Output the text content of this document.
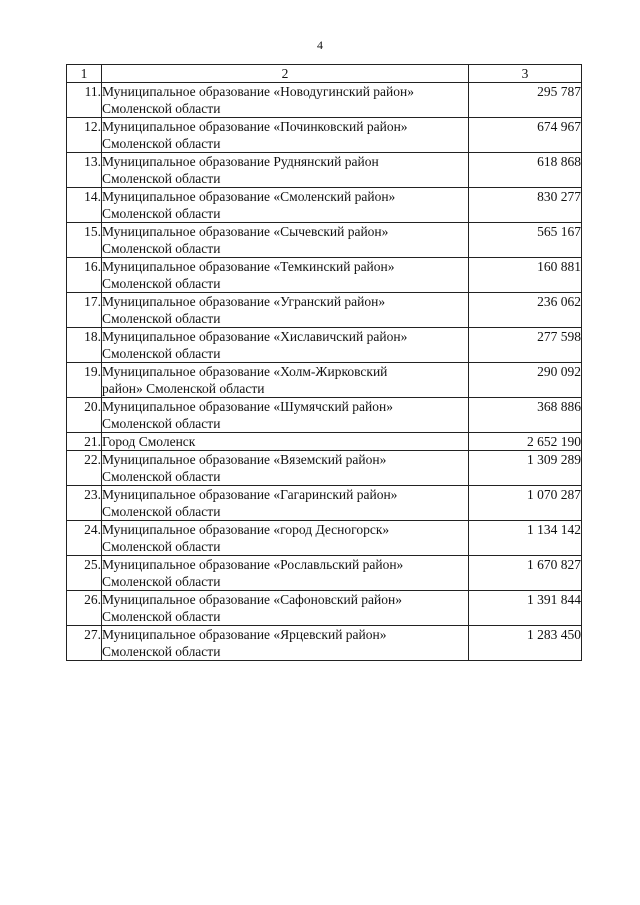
4
1	2	3
11.	Муниципальное образование «Новодугинский район»
Смоленской области	295 787
12.	Муниципальное образование «Починковский район»
Смоленской области	674 967
13.	Муниципальное образование Руднянский район
Смоленской области	618 868
14.	Муниципальное образование «Смоленский район»
Смоленской области	830 277
15.	Муниципальное образование «Сычевский район»
Смоленской области	565 167
16.	Муниципальное образование «Темкинский район»
Смоленской области	160 881
17.	Муниципальное образование «Угранский район»
Смоленской области	236 062
18.	Муниципальное образование «Хиславичский район»
Смоленской области	277 598
19.	Муниципальное образование «Холм-Жирковский
район» Смоленской области	290 092
20.	Муниципальное образование «Шумячский район»
Смоленской области	368 886
21.	Город Смоленск	2 652 190
22.	Муниципальное образование «Вяземский район»
Смоленской области	1 309 289
23.	Муниципальное образование «Гагаринский район»
Смоленской области	1 070 287
24.	Муниципальное образование «город Десногорск»
Смоленской области	1 134 142
25.	Муниципальное образование «Рославльский район»
Смоленской области	1 670 827
26.	Муниципальное образование «Сафоновский район»
Смоленской области	1 391 844
27.	Муниципальное образование «Ярцевский район»
Смоленской области	1 283 450
